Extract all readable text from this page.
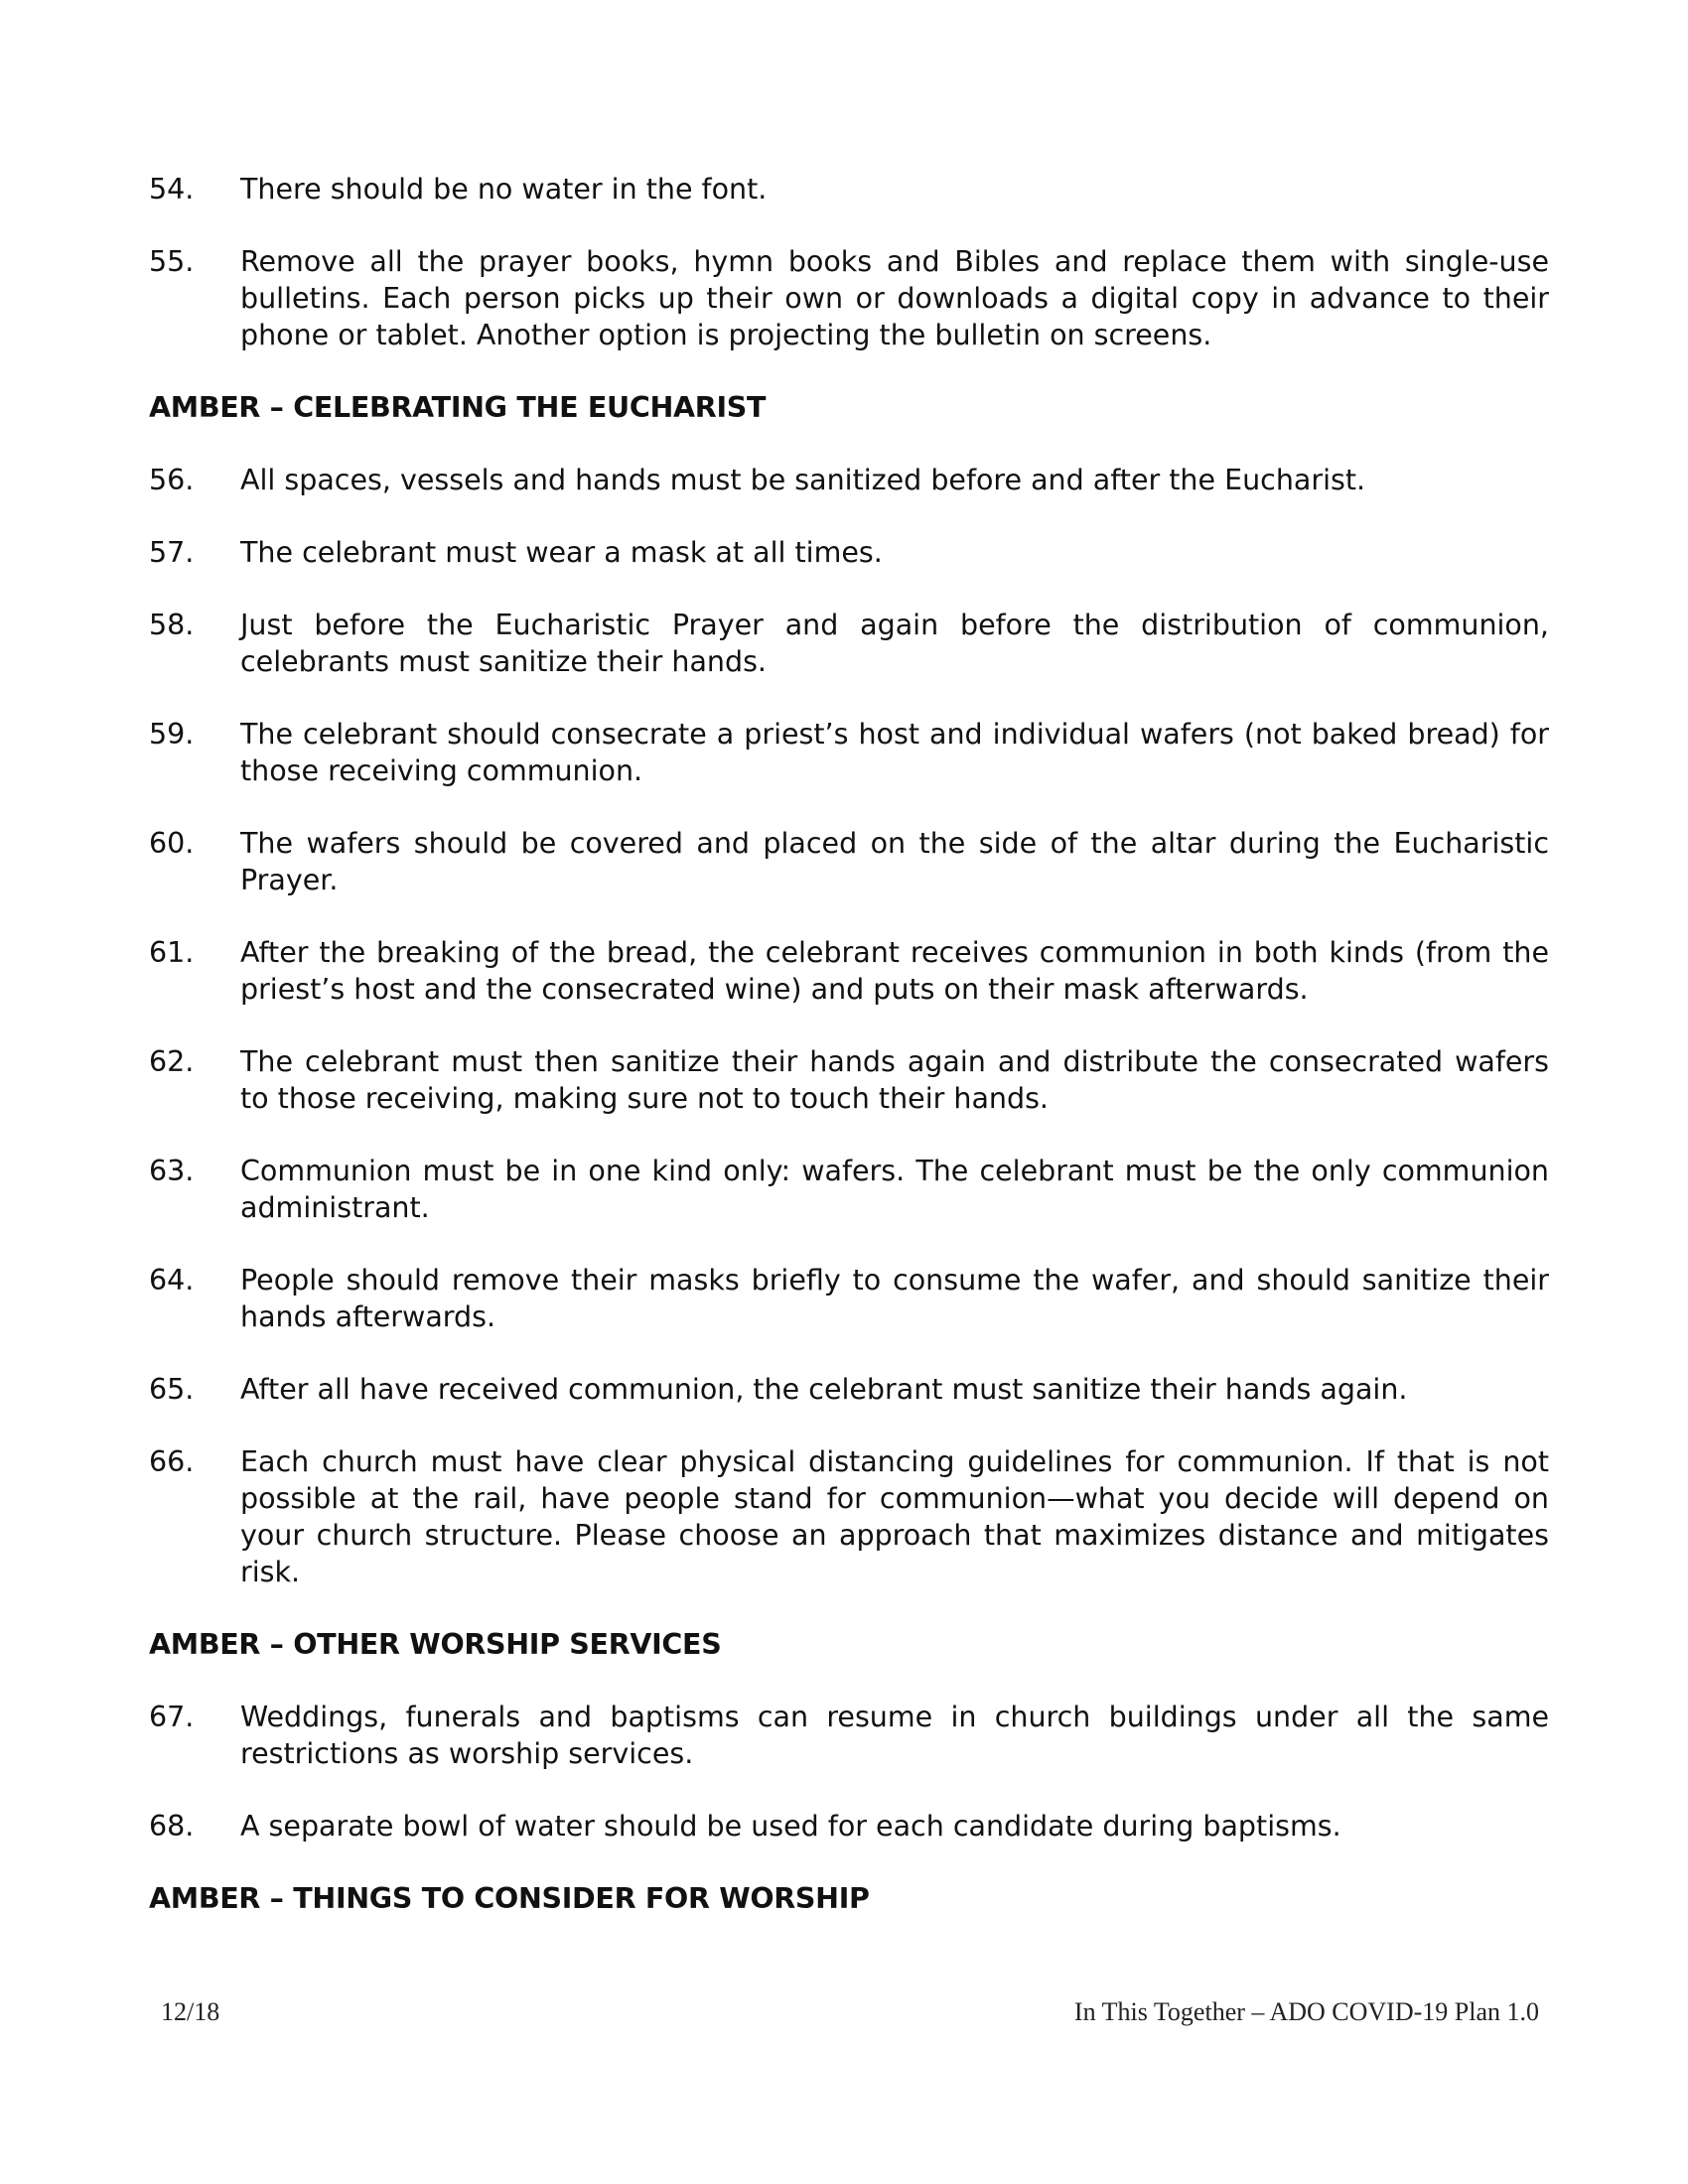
54.	There should be no water in the font.
55.	Remove all the prayer books, hymn books and Bibles and replace them with single-use bulletins. Each person picks up their own or downloads a digital copy in advance to their phone or tablet. Another option is projecting the bulletin on screens.
AMBER – CELEBRATING THE EUCHARIST
56.	All spaces, vessels and hands must be sanitized before and after the Eucharist.
57.	The celebrant must wear a mask at all times.
58.	Just before the Eucharistic Prayer and again before the distribution of communion, celebrants must sanitize their hands.
59.	The celebrant should consecrate a priest’s host and individual wafers (not baked bread) for those receiving communion.
60.	The wafers should be covered and placed on the side of the altar during the Eucharistic Prayer.
61.	After the breaking of the bread, the celebrant receives communion in both kinds (from the priest’s host and the consecrated wine) and puts on their mask afterwards.
62.	The celebrant must then sanitize their hands again and distribute the consecrated wafers to those receiving, making sure not to touch their hands.
63.	Communion must be in one kind only: wafers. The celebrant must be the only communion administrant.
64.	People should remove their masks briefly to consume the wafer, and should sanitize their hands afterwards.
65.	After all have received communion, the celebrant must sanitize their hands again.
66.	Each church must have clear physical distancing guidelines for communion. If that is not possible at the rail, have people stand for communion—what you decide will depend on your church structure. Please choose an approach that maximizes distance and mitigates risk.
AMBER – OTHER WORSHIP SERVICES
67.	Weddings, funerals and baptisms can resume in church buildings under all the same restrictions as worship services.
68.	A separate bowl of water should be used for each candidate during baptisms.
AMBER – THINGS TO CONSIDER FOR WORSHIP
12/18	In This Together – ADO COVID-19 Plan 1.0
